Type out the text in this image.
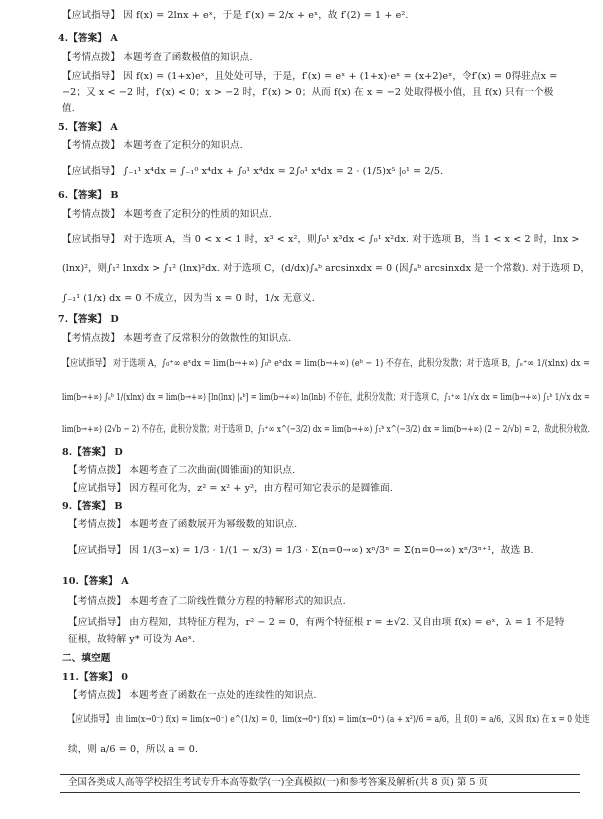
【应试指导】 因 f(x) = 2lnx + eˣ，于是 f′(x) = 2/x + eˣ，故 f′(2) = 1 + e².
4.【答案】 A
【考情点拨】 本题考查了函数极值的知识点.
【应试指导】 因 f(x) = (1+x)eˣ，且处处可导，于是，f′(x) = eˣ + (1+x)·eˣ = (x+2)eˣ，令f′(x) = 0得驻点x =
−2；又 x < −2 时，f′(x) < 0；x > −2 时，f′(x) > 0；从而 f(x) 在 x = −2 处取得极小值，且 f(x) 只有一个极
值.
5.【答案】 A
【考情点拨】 本题考查了定积分的知识点.
【应试指导】 ∫₋₁¹ x⁴dx = ∫₋₁⁰ x⁴dx + ∫₀¹ x⁴dx = 2∫₀¹ x⁴dx = 2 · (1/5)x⁵ |₀¹ = 2/5.
6.【答案】 B
【考情点拨】 本题考查了定积分的性质的知识点.
【应试指导】 对于选项 A，当 0 < x < 1 时，x³ < x²，则∫₀¹ x³dx < ∫₀¹ x²dx. 对于选项 B，当 1 < x < 2 时，lnx >
(lnx)²，则∫₁² lnxdx > ∫₁² (lnx)²dx. 对于选项 C，(d/dx)∫ₐᵇ arcsinxdx = 0 (因∫ₐᵇ arcsinxdx 是一个常数). 对于选项 D，
∫₋₁¹ (1/x) dx = 0 不成立，因为当 x = 0 时，1/x 无意义.
7.【答案】 D
【考情点拨】 本题考查了反常积分的敛散性的知识点.
【应试指导】 对于选项 A，∫₀⁺∞ eˣdx = lim(b→+∞) ∫₀ᵇ eˣdx = lim(b→+∞) (eᵇ − 1) 不存在，此积分发散；对于选项 B，∫ₑ⁺∞ 1/(xlnx) dx =
lim(b→+∞) ∫ₑᵇ 1/(xlnx) dx = lim(b→+∞) [ln(lnx) |ₑᵇ] = lim(b→+∞) ln(lnb) 不存在，此积分发散；对于选项 C，∫₁⁺∞ 1/√x dx = lim(b→+∞) ∫₁ᵇ 1/√x dx =
lim(b→+∞) (2√b − 2) 不存在，此积分发散；对于选项 D，∫₁⁺∞ x^(−3/2) dx = lim(b→+∞) ∫₁ᵇ x^(−3/2) dx = lim(b→+∞) (2 − 2/√b) = 2，故此积分收敛.
8.【答案】 D
【考情点拨】 本题考查了二次曲面(圆锥面)的知识点.
【应试指导】 因方程可化为，z² = x² + y²，由方程可知它表示的是圆锥面.
9.【答案】 B
【考情点拨】 本题考查了函数展开为幂级数的知识点.
【应试指导】 因 1/(3−x) = 1/3 · 1/(1 − x/3) = 1/3 · Σ(n=0→∞) xⁿ/3ⁿ = Σ(n=0→∞) xⁿ/3ⁿ⁺¹，故选 B.
10.【答案】 A
【考情点拨】 本题考查了二阶线性微分方程的特解形式的知识点.
【应试指导】 由方程知，其特征方程为，r² − 2 = 0，有两个特征根 r = ±√2. 又自由项 f(x) = eˣ，λ = 1 不是特
征根，故特解 y* 可设为 Aeˣ.
二、填空题
11.【答案】 0
【考情点拨】 本题考查了函数在一点处的连续性的知识点.
【应试指导】 由 lim(x→0⁻) f(x) = lim(x→0⁻) e^(1/x) = 0，lim(x→0⁺) f(x) = lim(x→0⁺) (a + x²)/6 = a/6，且 f(0) = a/6，又因 f(x) 在 x = 0 处连
续，则 a/6 = 0，所以 a = 0.
全国各类成人高等学校招生考试专升本高等数学(一)全真模拟(一)和参考答案及解析(共 8 页) 第 5 页
